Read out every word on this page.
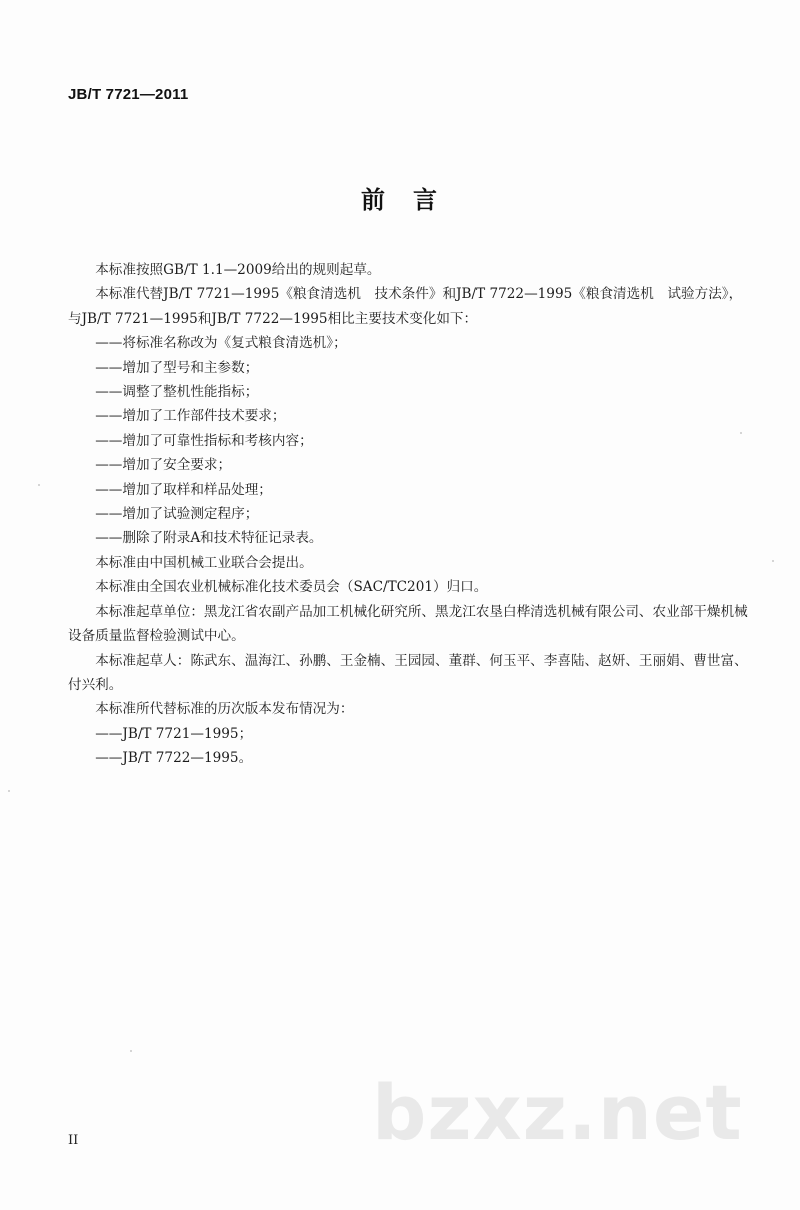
JB/T 7721—2011
前　言

本标准按照GB/T 1.1—2009给出的规则起草。

本标准代替JB/T 7721—1995《粮食清选机　技术条件》和JB/T 7722—1995《粮食清选机　试验方法》，与JB/T 7721—1995和JB/T 7722—1995相比主要技术变化如下：

——将标准名称改为《复式粮食清选机》；

——增加了型号和主参数；

——调整了整机性能指标；

——增加了工作部件技术要求；

——增加了可靠性指标和考核内容；

——增加了安全要求；

——增加了取样和样品处理；

——增加了试验测定程序；

——删除了附录A和技术特征记录表。

本标准由中国机械工业联合会提出。

本标准由全国农业机械标准化技术委员会（SAC/TC201）归口。

本标准起草单位：黑龙江省农副产品加工机械化研究所、黑龙江农垦白桦清选机械有限公司、农业部干燥机械设备质量监督检验测试中心。

本标准起草人：陈武东、温海江、孙鹏、王金楠、王园园、董群、何玉平、李喜陆、赵妍、王丽娟、曹世富、付兴利。

本标准所代替标准的历次版本发布情况为：

——JB/T 7721—1995；

——JB/T 7722—1995。

bzxz.net
II
